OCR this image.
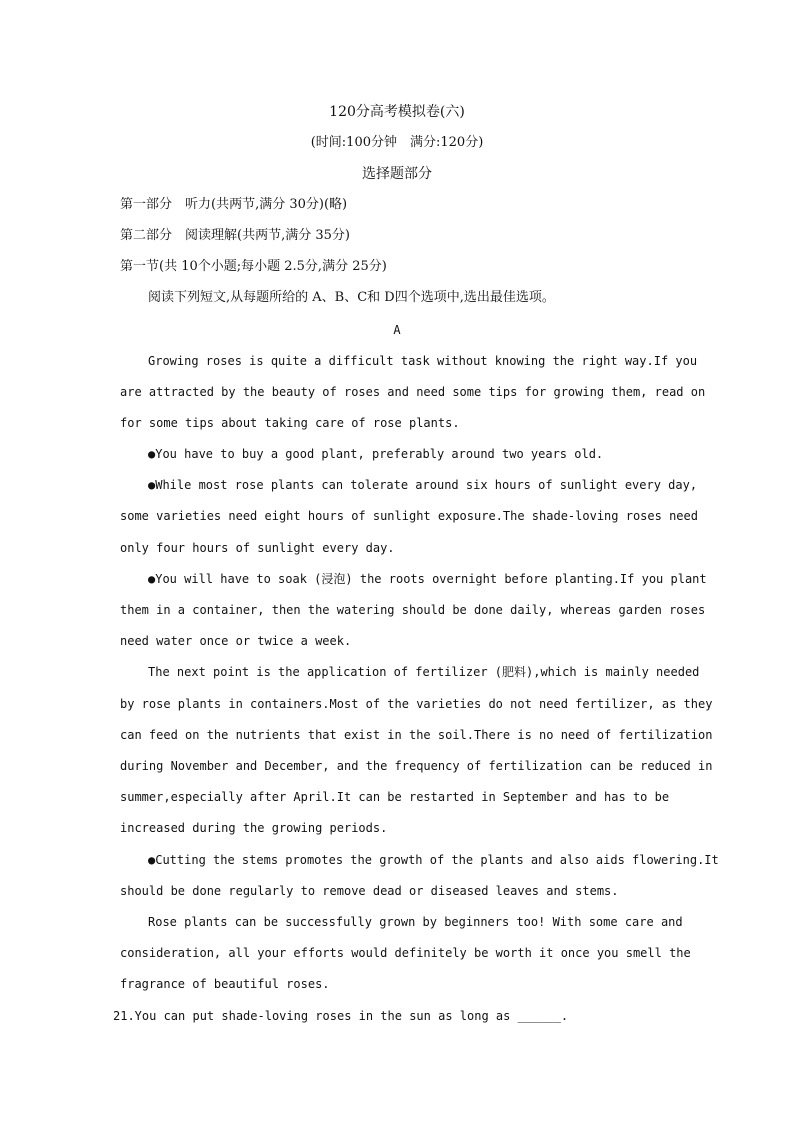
120分高考模拟卷(六)
(时间:100分钟　满分:120分)
选择题部分
第一部分　听力(共两节,满分 30分)(略)
第二部分　阅读理解(共两节,满分 35分)
第一节(共 10个小题;每小题 2.5分,满分 25分)
阅读下列短文,从每题所给的 A、B、C和 D四个选项中,选出最佳选项。
A
Growing roses is quite a difficult task without knowing the right way.If you
are attracted by the beauty of roses and need some tips for growing them, read on
for some tips about taking care of rose plants.
●You have to buy a good plant, preferably around two years old.
●While most rose plants can tolerate around six hours of sunlight every day,
some varieties need eight hours of sunlight exposure.The shade-loving roses need
only four hours of sunlight every day.
●You will have to soak (浸泡) the roots overnight before planting.If you plant
them in a container, then the watering should be done daily, whereas garden roses
need water once or twice a week.
The next point is the application of fertilizer (肥料),which is mainly needed
by rose plants in containers.Most of the varieties do not need fertilizer, as they
can feed on the nutrients that exist in the soil.There is no need of fertilization
during November and December, and the frequency of fertilization can be reduced in
summer,especially after April.It can be restarted in September and has to be
increased during the growing periods.
●Cutting the stems promotes the growth of the plants and also aids flowering.It
should be done regularly to remove dead or diseased leaves and stems.
Rose plants can be successfully grown by beginners too! With some care and
consideration, all your efforts would definitely be worth it once you smell the
fragrance of beautiful roses.
21.You can put shade-loving roses in the sun as long as ______.
